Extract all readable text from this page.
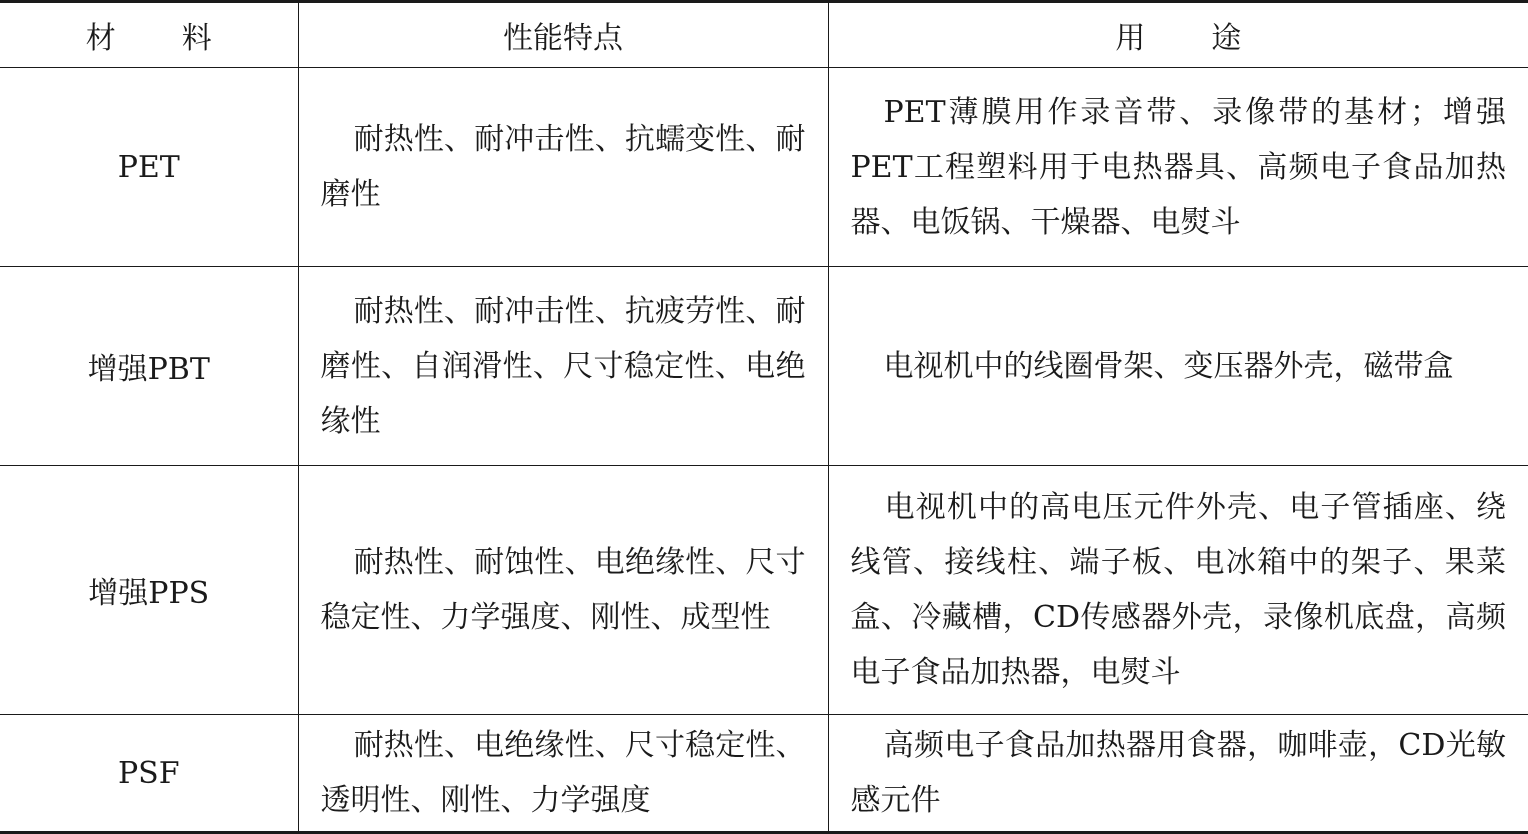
材料	性能特点	用途
PET	耐热性、耐冲击性、抗蠕变性、耐磨性	PET薄膜用作录音带、录像带的基材；增强PET工程塑料用于电热器具、高频电子食品加热器、电饭锅、干燥器、电熨斗
增强PBT	耐热性、耐冲击性、抗疲劳性、耐磨性、自润滑性、尺寸稳定性、电绝缘性	电视机中的线圈骨架、变压器外壳，磁带盒
增强PPS	耐热性、耐蚀性、电绝缘性、尺寸稳定性、力学强度、刚性、成型性	电视机中的高电压元件外壳、电子管插座、绕线管、接线柱、端子板、电冰箱中的架子、果菜盒、冷藏槽，CD传感器外壳，录像机底盘，高频电子食品加热器，电熨斗
PSF	耐热性、电绝缘性、尺寸稳定性、透明性、刚性、力学强度	高频电子食品加热器用食器，咖啡壶，CD光敏感元件
